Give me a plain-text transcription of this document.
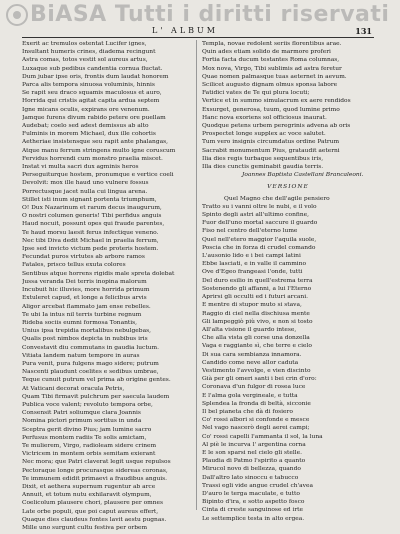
BiASA Tutti i diritti riservati
L' ALBUM	131
Exerit ac tremulos ostentat Lucifer ignes,
Insultant humeris crines, diadema recingunt
Astra comas, totos vestit sol aureus artus,
Luxaque sub pedibus candentia cornua fluctat.
Dum jubar ipse oris, frontis dum laudat honorem
Parca alis tempora sinuosa voluminis, hinnis
Se rapit seu draco squamis maculosus et auro,
Horrida qui cristis agitat capita ardua septem
Igne micans oculis, expirans ore venenum.
Jamque furens divum rabido petere ore puellam
Audebat; coelo sed adest demissus ab alto
Fulminis in morem Michael, dux ille cohortis
Aetheriae insistensque seu rapit ante phalangas,
Atque manu ferrum stringens multo igne coruscum
Fervidus horrendi cum monstro praelia miscet.
Instat vi multa sacri dux agminis heros
Perseguiturque hostem, pronumque e vertice coeli
Devolvit: mox ille haud uno vulnere fossus
Porrectusque jacet nulla cui lingua arena.
Stillet isti inum signant portenta triumphum,
O! Dux Nazarinum et rarum decus inaugurum,
O nostri columen generis! Tibi perfidus anguis
Haud nocuit, possunt opes qui fraude parentes,
Te haud morsu laesit ferus infectique veneno.
Nec tibi Diva dedit Michael in praelia ferrum,
Ipse sed invicto victum pede proteris hostem.
Fecundat puros virtutes ab arbore ramos
Fatales, prisco tellus exuta colores
Sentibus atque horrens rigidis male spreta dolebat
Jussa veranda Dei terris inopina malorum
Incubuit hic illuvies, more horrida primum
Extuleret capud, et longe a felicibus arvis
Aligor arcebat flammato jam ense rebelles.
Te ubi Ia intus nil terris turbine regnum
Rideba sociis eumni formosa Tonantis,
Unius ipsa trepidia mortalibus nebulgebas,
Qualis post nimbos depicta in nubibus iris
Convestavit diu commutans in gaudia luctum.
Vitiata landem natum tempore in auras
Pura venit, pura fulgens mago sidere; putrum
Nascenti plaudunt coelites e sedibus umbrae,
Teque cunuit putrum vel prima ab origine gentes.
At Vaticani decorat oracula Petris,
Quam Tibi firmavit pulchrum per saecula laudem
Publica voce valent; revoluto tempora orbe,
Consensit Patri soliumque clara Joannis
Nomina pictori primum sortitus in unda
Sceptra gerit divino Pius; jam lumine sacro
Perfusus montem radiis Te solis amictam,
Te mulierem, Virgo, radioleam sidere crinem
Victricem in montem orbis semitam exierant
Nec mora; que Patri claverat legit usque repulsos
Pectoraque longe procurasque sidereas coronas,
Te immunem edidit primaevi a fraudibus anguis.
Dixit, et aethera supernum rugentur ab arce
Annuit, et totum nutu exhilaravit olympum,
Coelicolum plausere chori, plausere per omnes
Late orbe populi, que poi caput aureus effert,
Quaque dies claudeus fontes lavit aestu pugnas.
Mille uno surgunt cultu festiva per orbem
Templa, novae redolent seriis florentibus arae.
Quin ades etiam solido de marmore proferi
Fortia facta ducum testantes Roma columnas,
Mox nova, Virgo, Tibi sublimis ad astra feretur
Quae nomen palmasque tuas aeternet in aevum.
Scilicet augusto dignam olmus sponsa labore
Fatidici vates de Te qui plura locuti;
Vertice et in summo simulacrum ex aere rendidos
Exsurget, generosa, tuum, quod lumine primo
Hanc nova exoriens sol officiosus inaurat.
Quodque petens urbem peregrinis advena ab oris
Prospectet longe supplex ac voce salutet.
Tum vero insignis circumdatus ordine Patrum
Sacrabit monumentum Pius, grataudit aeterni
Ilia dies regis turbaque sequentibus iris,
Illa dies cunctis geminabit gaudia terris.
Joannes Baptista Castellani Brancaleoni.
VERSIONE
Quel Magno che dell'agile pensiero
Tratto su i vanni oltre le nubi, e il volo
Spinto degli astri all'ultimo confine,
Fuor dell'uno mortal saccure il guardo
Fiso nel centro dell'eterno lume
Quel nell'etero maggior l'aquila suole,
Poscia che in forza di crudel comando
L'ausonio lido e i bei campi latini
Ebbe lasciati, e in valle il cammino
Ove d'Egeo frangeasi l'onde, tutti
Del duro esilio in quell'estrema terra
Sostenendo gli affanni, a lui l'Eterno
Aprirsi gli occulti ed i futuri arcani.
E mentre di stupor muto si stava,
Raggio di ciel nella dischiusa mente
Gli lampeggiò più vivo, e non si tosto
All'alta visione il guardo intese,
Che alla vista gli corse una donzella
Vaga e raggiante sì, che terre e cielo
Di sua cara sembianza innamora.
Candido come neve allor caduta
Vestimento l'avvolge, e vien discinto
Già per gli omeri santi i bei crin d'oro:
Coronava d'un fulgor di rosea luce
E l'alma gola vergineale, e tutta
Splendea la fronda di beltà, sicconie
Il bel pianeta che dà di fosiero
Co' rossi albori si confonde e mesce
Nel vago nascerò degli aerei campi;
Co' rossi capelli l'ammanta il sol, la luna
Al piè le incurva l' argentina corna
E le son sparsi nel cielo gli stelle.
Plaudia di Patmo l'spirito a quanto
Mirucol novo di bellezza, quando
Dall'altro lato sinoccu e tabucco
Trassi egli vide angue crudel ch'avea
D'auro le terga maculate, e tutto
Bipinto d'ira, e sotto aspetto fosco
Cinta di creste sanguinose ed irte
Le settemplice testa in alto ergea.
